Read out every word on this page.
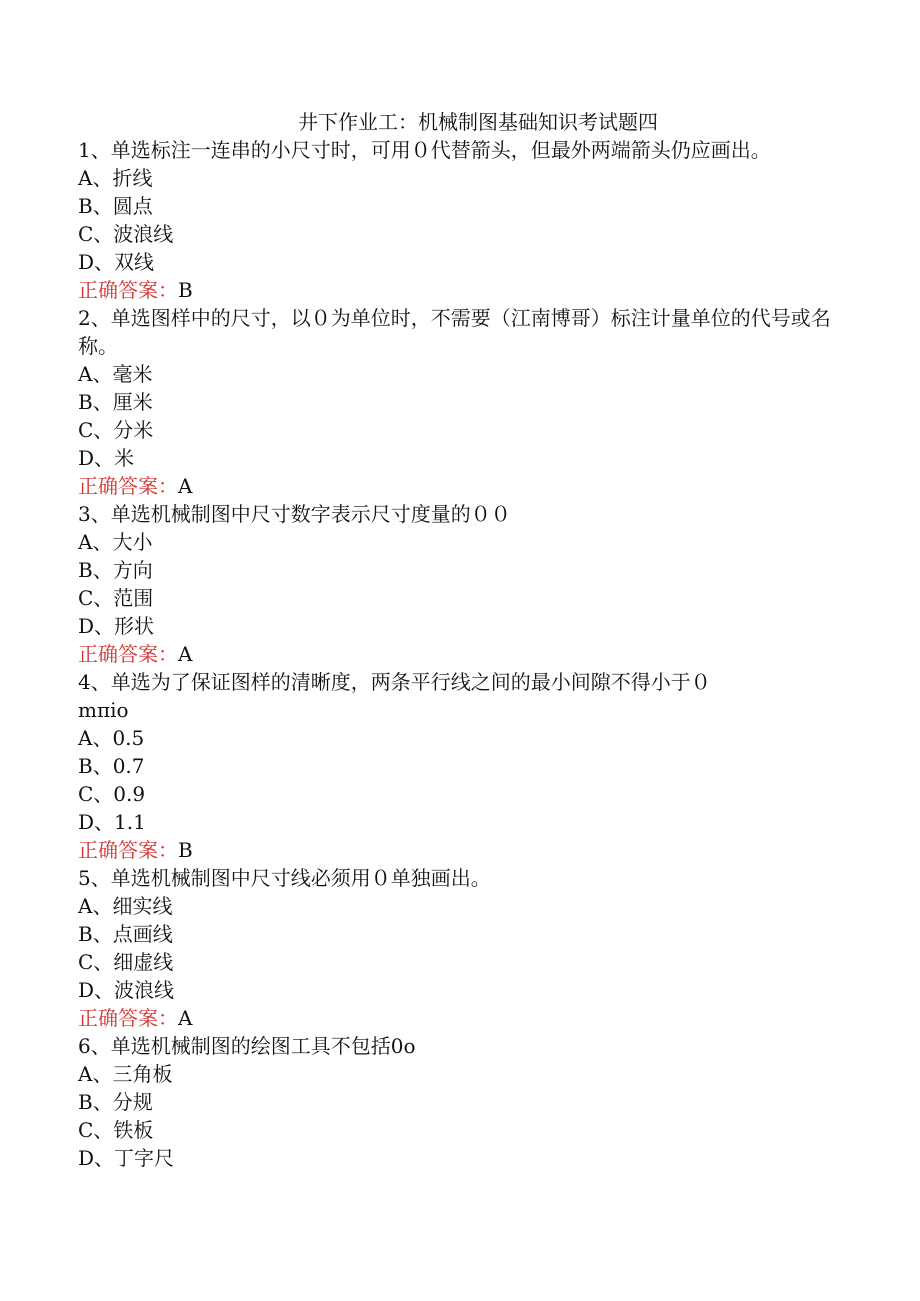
井下作业工：机械制图基础知识考试题四
1、单选标注一连串的小尺寸时，可用０代替箭头，但最外两端箭头仍应画出。
A、折线
B、圆点
C、波浪线
D、双线
正确答案：B
2、单选图样中的尺寸，以０为单位时，不需要（江南博哥）标注计量单位的代号或名称。
A、毫米
B、厘米
C、分米
D、米
正确答案：A
3、单选机械制图中尺寸数字表示尺寸度量的００
A、大小
B、方向
C、范围
D、形状
正确答案：A
4、单选为了保证图样的清晰度，两条平行线之间的最小间隙不得小于０
mπio
A、0.5
B、0.7
C、0.9
D、1.1
正确答案：B
5、单选机械制图中尺寸线必须用０单独画出。
A、细实线
B、点画线
C、细虚线
D、波浪线
正确答案：A
6、单选机械制图的绘图工具不包括0o
A、三角板
B、分规
C、铁板
D、丁字尺
